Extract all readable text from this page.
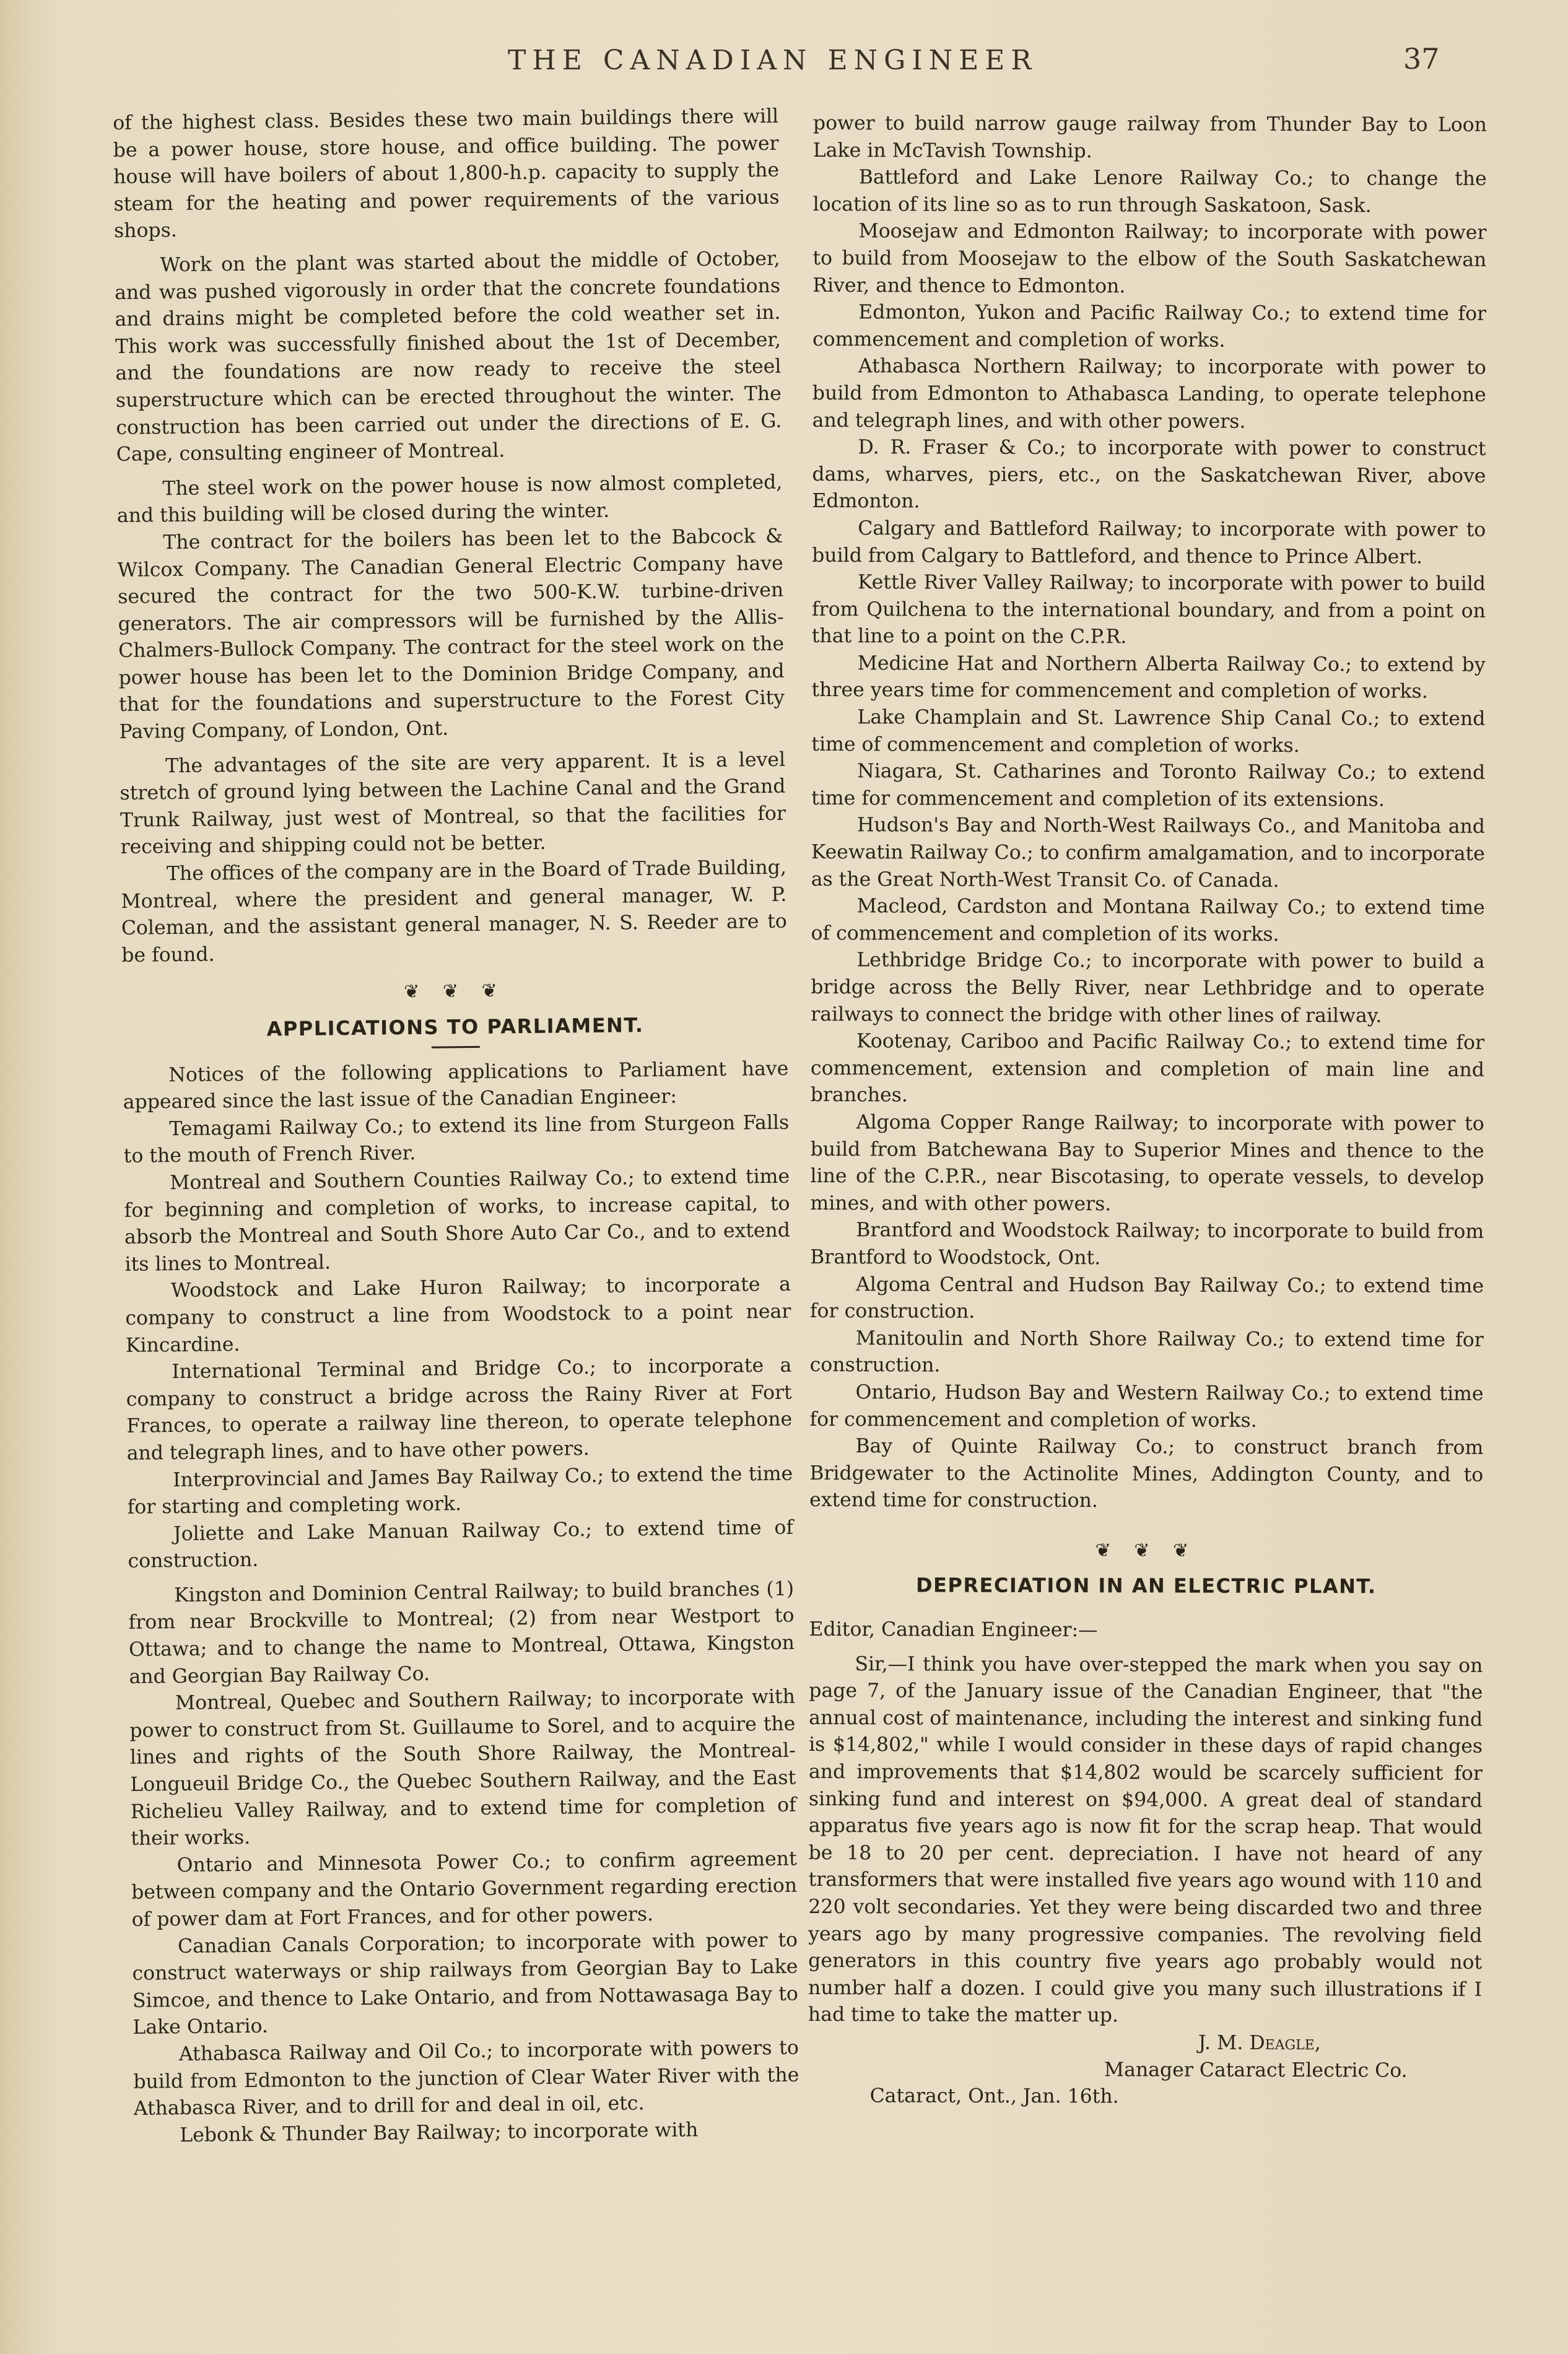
THE CANADIAN ENGINEER	37

of the highest class. Besides these two main buildings there will be a power house, store house, and office building. The power house will have boilers of about 1,800-h.p. capacity to supply the steam for the heating and power requirements of the various shops.

Work on the plant was started about the middle of October, and was pushed vigorously in order that the concrete foundations and drains might be completed before the cold weather set in. This work was successfully finished about the 1st of December, and the foundations are now ready to receive the steel superstructure which can be erected throughout the winter. The construction has been carried out under the directions of E. G. Cape, consulting engineer of Montreal.

The steel work on the power house is now almost completed, and this building will be closed during the winter.

The contract for the boilers has been let to the Babcock & Wilcox Company. The Canadian General Electric Company have secured the contract for the two 500-K.W. turbine-driven generators. The air compressors will be furnished by the Allis-Chalmers-Bullock Company. The contract for the steel work on the power house has been let to the Dominion Bridge Company, and that for the foundations and superstructure to the Forest City Paving Company, of London, Ont.

The advantages of the site are very apparent. It is a level stretch of ground lying between the Lachine Canal and the Grand Trunk Railway, just west of Montreal, so that the facilities for receiving and shipping could not be better.

The offices of the company are in the Board of Trade Building, Montreal, where the president and general manager, W. P. Coleman, and the assistant general manager, N. S. Reeder are to be found.

❦ ❦ ❦
APPLICATIONS TO PARLIAMENT.

Notices of the following applications to Parliament have appeared since the last issue of the Canadian Engineer:

Temagami Railway Co.; to extend its line from Sturgeon Falls to the mouth of French River.

Montreal and Southern Counties Railway Co.; to extend time for beginning and completion of works, to increase capital, to absorb the Montreal and South Shore Auto Car Co., and to extend its lines to Montreal.

Woodstock and Lake Huron Railway; to incorporate a company to construct a line from Woodstock to a point near Kincardine.

International Terminal and Bridge Co.; to incorporate a company to construct a bridge across the Rainy River at Fort Frances, to operate a railway line thereon, to operate telephone and telegraph lines, and to have other powers.

Interprovincial and James Bay Railway Co.; to extend the time for starting and completing work.

Joliette and Lake Manuan Railway Co.; to extend time of construction.

Kingston and Dominion Central Railway; to build branches (1) from near Brockville to Montreal; (2) from near Westport to Ottawa; and to change the name to Montreal, Ottawa, Kingston and Georgian Bay Railway Co.

Montreal, Quebec and Southern Railway; to incorporate with power to construct from St. Guillaume to Sorel, and to acquire the lines and rights of the South Shore Railway, the Montreal-Longueuil Bridge Co., the Quebec Southern Railway, and the East Richelieu Valley Railway, and to extend time for completion of their works.

Ontario and Minnesota Power Co.; to confirm agreement between company and the Ontario Government regarding erection of power dam at Fort Frances, and for other powers.

Canadian Canals Corporation; to incorporate with power to construct waterways or ship railways from Georgian Bay to Lake Simcoe, and thence to Lake Ontario, and from Nottawasaga Bay to Lake Ontario.

Athabasca Railway and Oil Co.; to incorporate with powers to build from Edmonton to the junction of Clear Water River with the Athabasca River, and to drill for and deal in oil, etc.

Lebonk & Thunder Bay Railway; to incorporate with

power to build narrow gauge railway from Thunder Bay to Loon Lake in McTavish Township.

Battleford and Lake Lenore Railway Co.; to change the location of its line so as to run through Saskatoon, Sask.

Moosejaw and Edmonton Railway; to incorporate with power to build from Moosejaw to the elbow of the South Saskatchewan River, and thence to Edmonton.

Edmonton, Yukon and Pacific Railway Co.; to extend time for commencement and completion of works.

Athabasca Northern Railway; to incorporate with power to build from Edmonton to Athabasca Landing, to operate telephone and telegraph lines, and with other powers.

D. R. Fraser & Co.; to incorporate with power to construct dams, wharves, piers, etc., on the Saskatchewan River, above Edmonton.

Calgary and Battleford Railway; to incorporate with power to build from Calgary to Battleford, and thence to Prince Albert.

Kettle River Valley Railway; to incorporate with power to build from Quilchena to the international boundary, and from a point on that line to a point on the C.P.R.

Medicine Hat and Northern Alberta Railway Co.; to extend by three years time for commencement and completion of works.

Lake Champlain and St. Lawrence Ship Canal Co.; to extend time of commencement and completion of works.

Niagara, St. Catharines and Toronto Railway Co.; to extend time for commencement and completion of its extensions.

Hudson's Bay and North-West Railways Co., and Manitoba and Keewatin Railway Co.; to confirm amalgamation, and to incorporate as the Great North-West Transit Co. of Canada.

Macleod, Cardston and Montana Railway Co.; to extend time of commencement and completion of its works.

Lethbridge Bridge Co.; to incorporate with power to build a bridge across the Belly River, near Lethbridge and to operate railways to connect the bridge with other lines of railway.

Kootenay, Cariboo and Pacific Railway Co.; to extend time for commencement, extension and completion of main line and branches.

Algoma Copper Range Railway; to incorporate with power to build from Batchewana Bay to Superior Mines and thence to the line of the C.P.R., near Biscotasing, to operate vessels, to develop mines, and with other powers.

Brantford and Woodstock Railway; to incorporate to build from Brantford to Woodstock, Ont.

Algoma Central and Hudson Bay Railway Co.; to extend time for construction.

Manitoulin and North Shore Railway Co.; to extend time for construction.

Ontario, Hudson Bay and Western Railway Co.; to extend time for commencement and completion of works.

Bay of Quinte Railway Co.; to construct branch from Bridgewater to the Actinolite Mines, Addington County, and to extend time for construction.

❦ ❦ ❦
DEPRECIATION IN AN ELECTRIC PLANT.

Editor, Canadian Engineer:—

Sir,—I think you have over-stepped the mark when you say on page 7, of the January issue of the Canadian Engineer, that "the annual cost of maintenance, including the interest and sinking fund is $14,802," while I would consider in these days of rapid changes and improvements that $14,802 would be scarcely sufficient for sinking fund and interest on $94,000. A great deal of standard apparatus five years ago is now fit for the scrap heap. That would be 18 to 20 per cent. depreciation. I have not heard of any transformers that were installed five years ago wound with 110 and 220 volt secondaries. Yet they were being discarded two and three years ago by many progressive companies. The revolving field generators in this country five years ago probably would not number half a dozen. I could give you many such illustrations if I had time to take the matter up.

J. M. Deagle,

Manager Cataract Electric Co.

Cataract, Ont., Jan. 16th.
